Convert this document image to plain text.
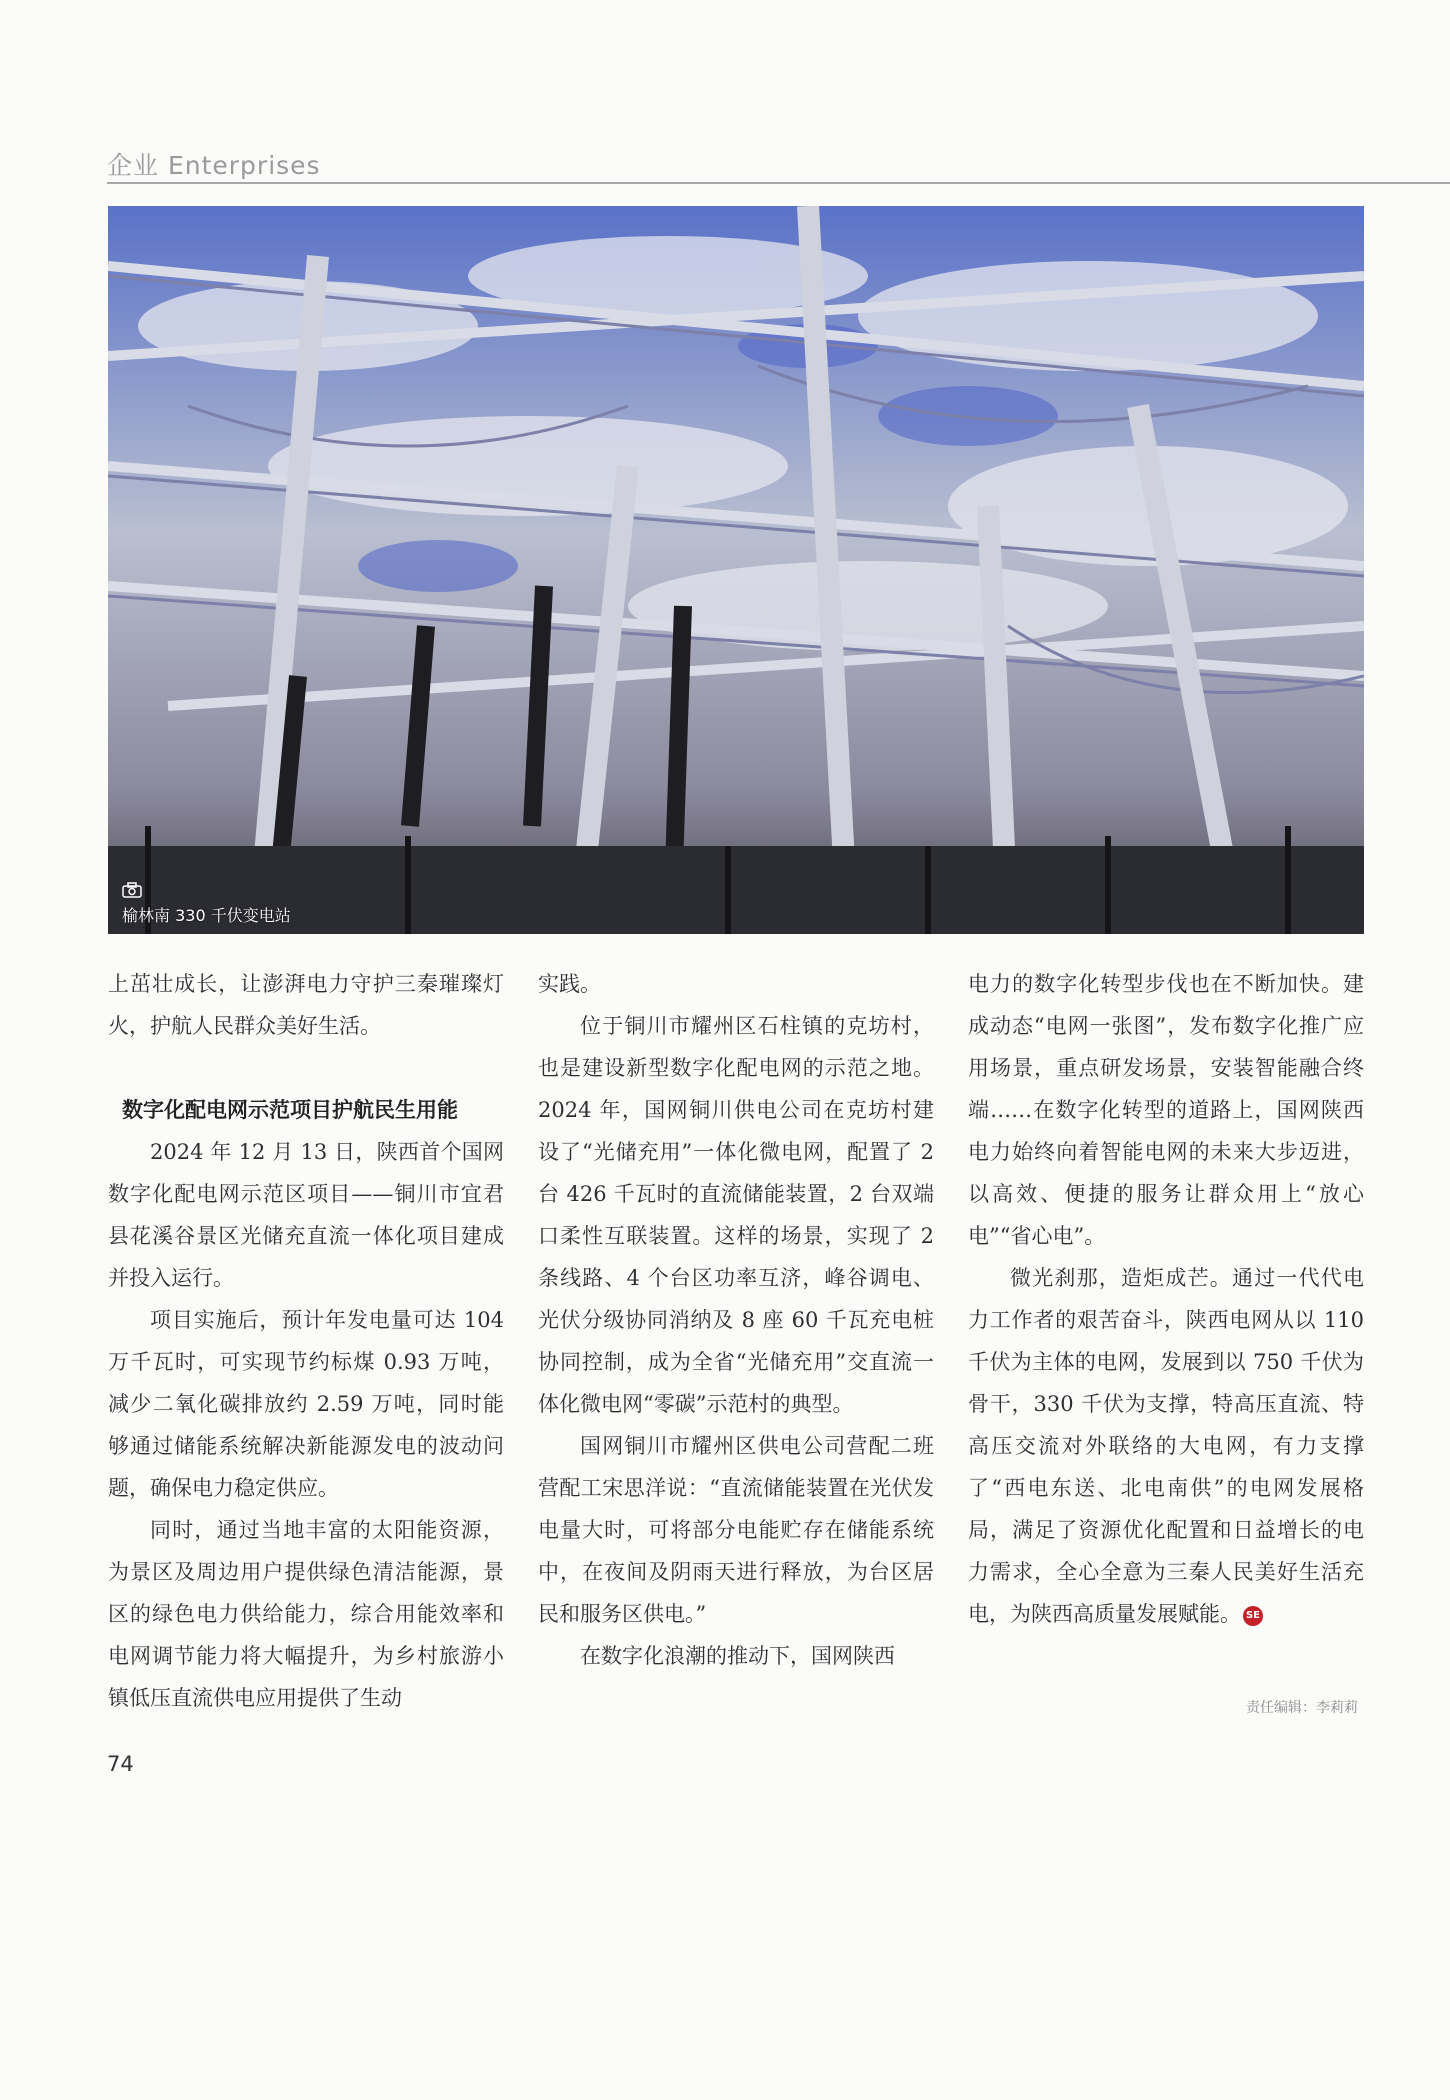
企业 Enterprises
榆林南 330 千伏变电站

上茁壮成长，让澎湃电力守护三秦璀璨灯火，护航人民群众美好生活。

数字化配电网示范项目护航民生用能

2024 年 12 月 13 日，陕西首个国网数字化配电网示范区项目——铜川市宜君县花溪谷景区光储充直流一体化项目建成并投入运行。

项目实施后，预计年发电量可达 104 万千瓦时，可实现节约标煤 0.93 万吨，减少二氧化碳排放约 2.59 万吨，同时能够通过储能系统解决新能源发电的波动问题，确保电力稳定供应。

同时，通过当地丰富的太阳能资源，为景区及周边用户提供绿色清洁能源，景区的绿色电力供给能力，综合用能效率和电网调节能力将大幅提升，为乡村旅游小镇低压直流供电应用提供了生动

实践。

位于铜川市耀州区石柱镇的克坊村，也是建设新型数字化配电网的示范之地。2024 年，国网铜川供电公司在克坊村建设了“光储充用”一体化微电网，配置了 2 台 426 千瓦时的直流储能装置，2 台双端口柔性互联装置。这样的场景，实现了 2 条线路、4 个台区功率互济，峰谷调电、光伏分级协同消纳及 8 座 60 千瓦充电桩协同控制，成为全省“光储充用”交直流一体化微电网“零碳”示范村的典型。

国网铜川市耀州区供电公司营配二班营配工宋思洋说：“直流储能装置在光伏发电量大时，可将部分电能贮存在储能系统中，在夜间及阴雨天进行释放，为台区居民和服务区供电。”

在数字化浪潮的推动下，国网陕西

电力的数字化转型步伐也在不断加快。建成动态“电网一张图”，发布数字化推广应用场景，重点研发场景，安装智能融合终端……在数字化转型的道路上，国网陕西电力始终向着智能电网的未来大步迈进，以高效、便捷的服务让群众用上“放心电”“省心电”。

微光刹那，造炬成芒。通过一代代电力工作者的艰苦奋斗，陕西电网从以 110 千伏为主体的电网，发展到以 750 千伏为骨干，330 千伏为支撑，特高压直流、特高压交流对外联络的大电网，有力支撑了“西电东送、北电南供”的电网发展格局，满足了资源优化配置和日益增长的电力需求，全心全意为三秦人民美好生活充电，为陕西高质量发展赋能。 SE

责任编辑：李莉莉
74
